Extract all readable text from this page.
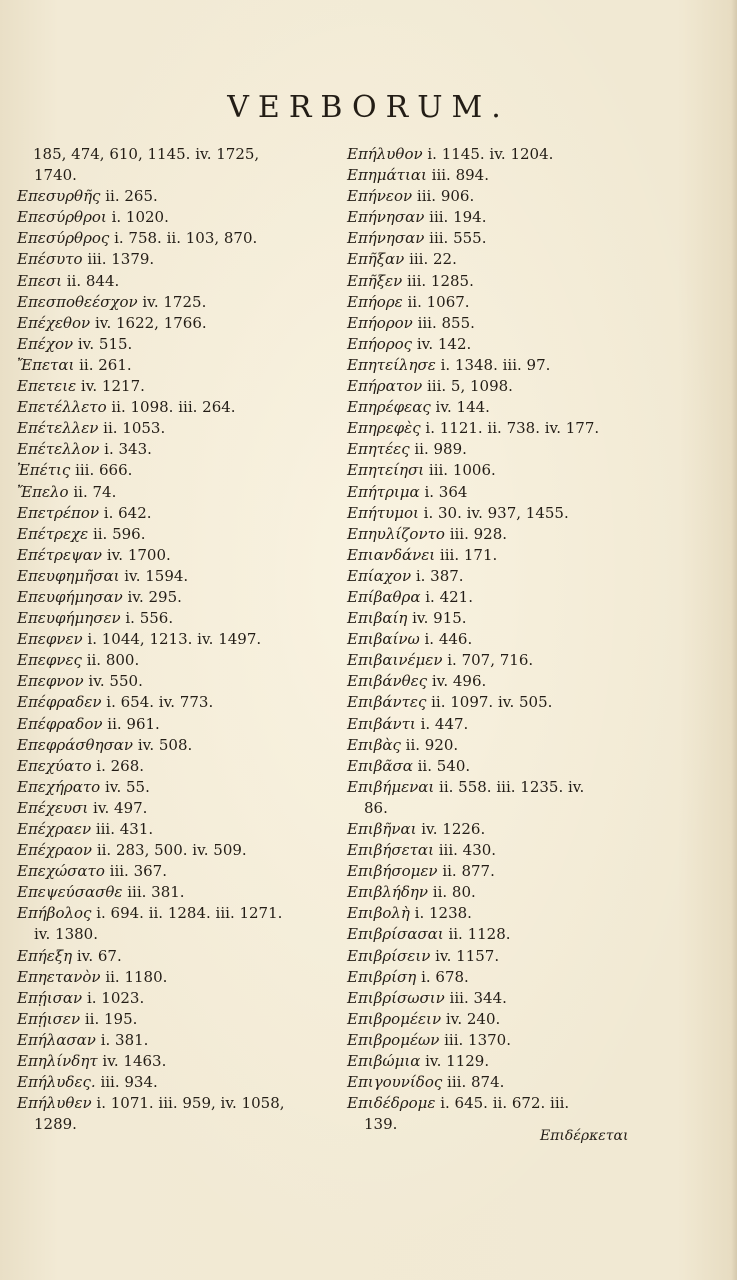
VERBORUM.
185, 474, 610, 1145. iv. 1725,
1740.
Επεσυρθῆς ii. 265.
Επεσύρθροι i. 1020.
Επεσύρθρος i. 758. ii. 103, 870.
Επέσυτο iii. 1379.
Επεσι ii. 844.
Επεσποθεέσχον iv. 1725.
Επέχεθον iv. 1622, 1766.
Επέχον iv. 515.
Ἔπεται ii. 261.
Επετειε iv. 1217.
Επετέλλετο ii. 1098. iii. 264.
Επέτελλεν ii. 1053.
Επέτελλον i. 343.
Ἐπέτις iii. 666.
Ἔπελο ii. 74.
Επετρέπον i. 642.
Επέτρεχε ii. 596.
Επέτρεψαν iv. 1700.
Επευφημῆσαι iv. 1594.
Επευφήμησαν iv. 295.
Επευφήμησεν i. 556.
Επεφνεν i. 1044, 1213. iv. 1497.
Επεφνες ii. 800.
Επεφνον iv. 550.
Επέφραδεν i. 654. iv. 773.
Επέφραδον ii. 961.
Επεφράσθησαν iv. 508.
Επεχύατο i. 268.
Επεχήρατο iv. 55.
Επέχευσι iv. 497.
Επέχραεν iii. 431.
Επέχραον ii. 283, 500. iv. 509.
Επεχώσατο iii. 367.
Επεψεύσασθε iii. 381.
Επήβολος i. 694. ii. 1284. iii. 1271.
iv. 1380.
Επήεξη iv. 67.
Επηετανὸν ii. 1180.
Επῄισαν i. 1023.
Επῄισεν ii. 195.
Επήλασαν i. 381.
Επηλίνδητ iv. 1463.
Επήλυδες. iii. 934.
Επήλυθεν i. 1071. iii. 959, iv. 1058,
1289.
Επήλυθον i. 1145. iv. 1204.
Επημάτιαι iii. 894.
Επήνεον iii. 906.
Επήνησαν iii. 194.
Επήνησαν iii. 555.
Επῆξαν iii. 22.
Επῆξεν iii. 1285.
Επήορε ii. 1067.
Επήορον iii. 855.
Επήορος iv. 142.
Επητείλησε i. 1348. iii. 97.
Επήρατον iii. 5, 1098.
Επηρέφεας iv. 144.
Επηρεφὲς i. 1121. ii. 738. iv. 177.
Επητέες ii. 989.
Επητείησι iii. 1006.
Επήτριμα i. 364
Επήτυμοι i. 30. iv. 937, 1455.
Επηυλίζοντο iii. 928.
Επιανδάνει iii. 171.
Επίαχον i. 387.
Επίβαθρα i. 421.
Επιβαίη iv. 915.
Επιβαίνω i. 446.
Επιβαινέμεν i. 707, 716.
Επιβάνθες iv. 496.
Επιβάντες ii. 1097. iv. 505.
Επιβάντι i. 447.
Επιβὰς ii. 920.
Επιβᾶσα ii. 540.
Επιβήμεναι ii. 558. iii. 1235. iv.
86.
Επιβῆναι iv. 1226.
Επιβήσεται iii. 430.
Επιβήσομεν ii. 877.
Επιβλήδην ii. 80.
Επιβολὴ i. 1238.
Επιβρίσασαι ii. 1128.
Επιβρίσειν iv. 1157.
Επιβρίση i. 678.
Επιβρίσωσιν iii. 344.
Επιβρομέειν iv. 240.
Επιβρομέων iii. 1370.
Επιβώμια iv. 1129.
Επιγουνίδος iii. 874.
Επιδέδρομε i. 645. ii. 672. iii.
139.
Επιδέρκεται
